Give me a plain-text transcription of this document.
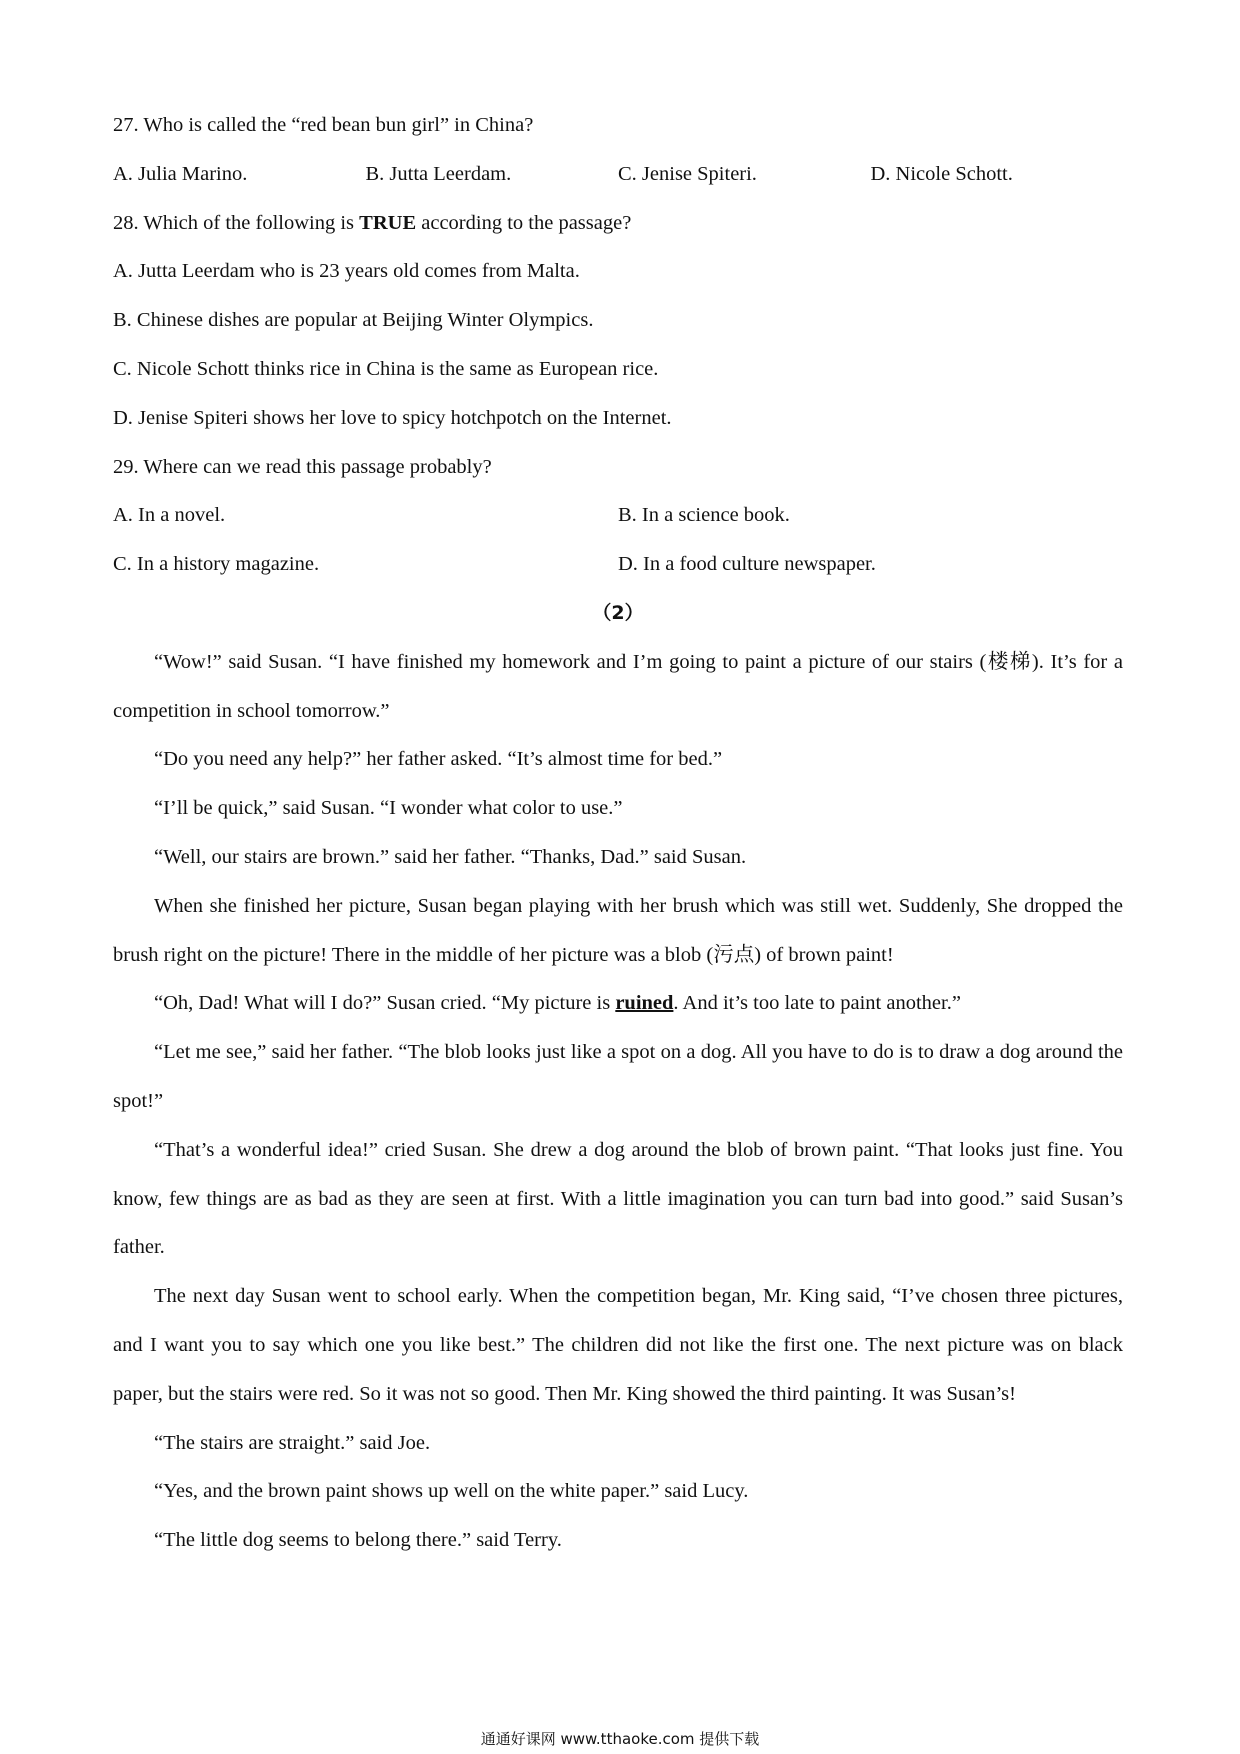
27. Who is called the “red bean bun girl” in China?
A. Julia Marino.	B. Jutta Leerdam.	C. Jenise Spiteri.	D. Nicole Schott.
28. Which of the following is TRUE according to the passage?
A. Jutta Leerdam who is 23 years old comes from Malta.
B. Chinese dishes are popular at Beijing Winter Olympics.
C. Nicole Schott thinks rice in China is the same as European rice.
D. Jenise Spiteri shows her love to spicy hotchpotch on the Internet.
29. Where can we read this passage probably?
A. In a novel.	B. In a science book.
C. In a history magazine.	D. In a food culture newspaper.
（2）

“Wow!” said Susan. “I have finished my homework and I’m going to paint a picture of our stairs (楼梯). It’s for a competition in school tomorrow.”

“Do you need any help?” her father asked. “It’s almost time for bed.”

“I’ll be quick,” said Susan. “I wonder what color to use.”

“Well, our stairs are brown.” said her father. “Thanks, Dad.” said Susan.

When she finished her picture, Susan began playing with her brush which was still wet. Suddenly, She dropped the brush right on the picture! There in the middle of her picture was a blob (污点) of brown paint!

“Oh, Dad! What will I do?” Susan cried. “My picture is ruined. And it’s too late to paint another.”

“Let me see,” said her father. “The blob looks just like a spot on a dog. All you have to do is to draw a dog around the spot!”

“That’s a wonderful idea!” cried Susan. She drew a dog around the blob of brown paint. “That looks just fine. You know, few things are as bad as they are seen at first. With a little imagination you can turn bad into good.” said Susan’s father.

The next day Susan went to school early. When the competition began, Mr. King said, “I’ve chosen three pictures, and I want you to say which one you like best.” The children did not like the first one. The next picture was on black paper, but the stairs were red. So it was not so good. Then Mr. King showed the third painting. It was Susan’s!

“The stairs are straight.” said Joe.

“Yes, and the brown paint shows up well on the white paper.” said Lucy.

“The little dog seems to belong there.” said Terry.

通通好课网 www.tthaoke.com 提供下载
